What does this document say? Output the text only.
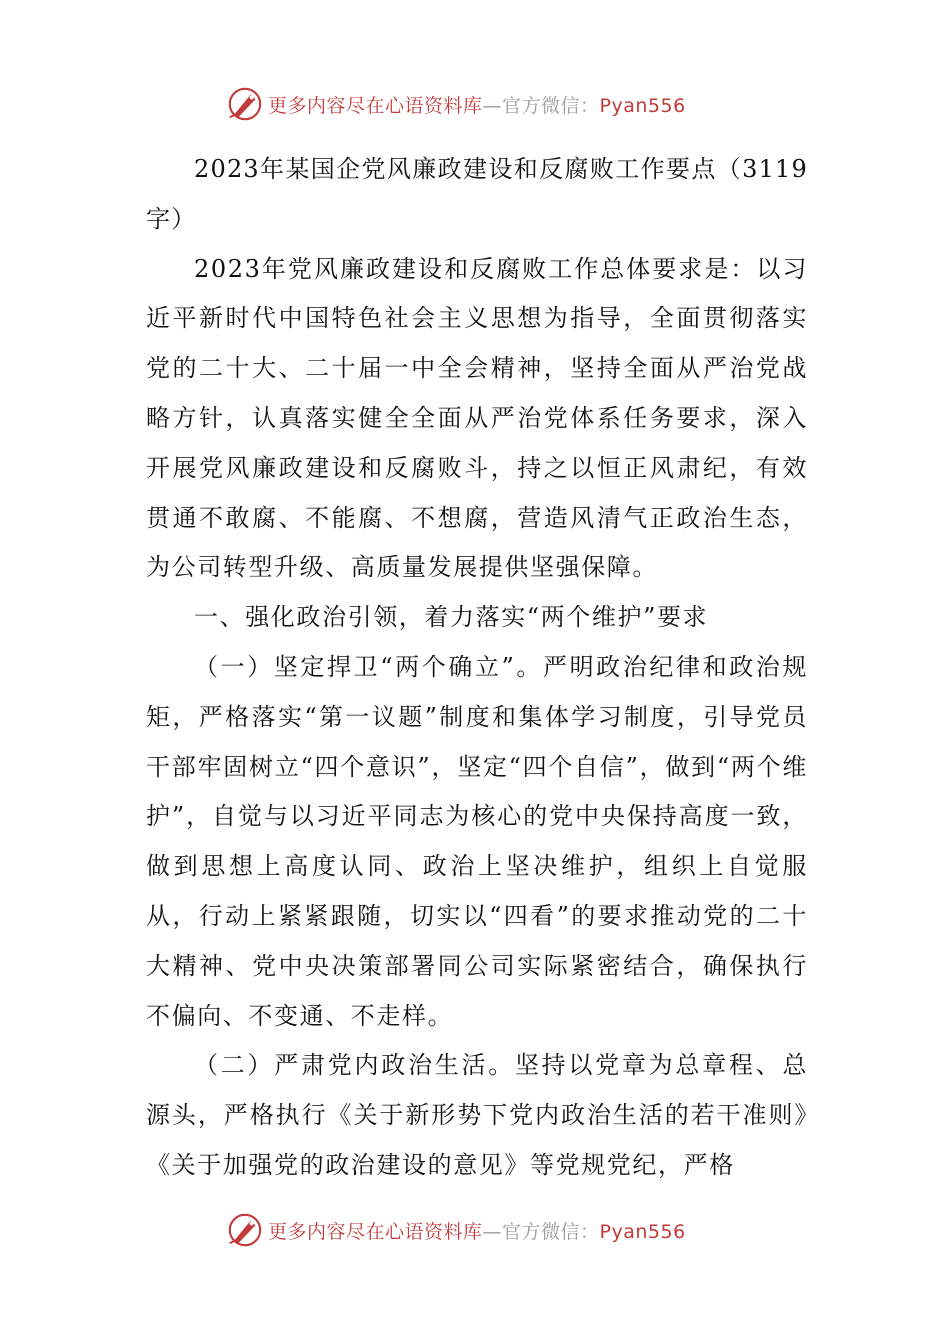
更多内容尽在心语资料库—官方微信：Pyan556

2023年某国企党风廉政建设和反腐败工作要点（3119字）

2023年党风廉政建设和反腐败工作总体要求是：以习近平新时代中国特色社会主义思想为指导，全面贯彻落实党的二十大、二十届一中全会精神，坚持全面从严治党战略方针，认真落实健全全面从严治党体系任务要求，深入开展党风廉政建设和反腐败斗，持之以恒正风肃纪，有效贯通不敢腐、不能腐、不想腐，营造风清气正政治生态，为公司转型升级、高质量发展提供坚强保障。

一、强化政治引领，着力落实“两个维护”要求

（一）坚定捍卫“两个确立”。严明政治纪律和政治规矩，严格落实“第一议题”制度和集体学习制度，引导党员干部牢固树立“四个意识”，坚定“四个自信”，做到“两个维护”，自觉与以习近平同志为核心的党中央保持高度一致，做到思想上高度认同、政治上坚决维护，组织上自觉服从，行动上紧紧跟随，切实以“四看”的要求推动党的二十大精神、党中央决策部署同公司实际紧密结合，确保执行不偏向、不变通、不走样。

（二）严肃党内政治生活。坚持以党章为总章程、总源头，严格执行《关于新形势下党内政治生活的若干准则》《关于加强党的政治建设的意见》等党规党纪，严格

更多内容尽在心语资料库—官方微信：Pyan556
